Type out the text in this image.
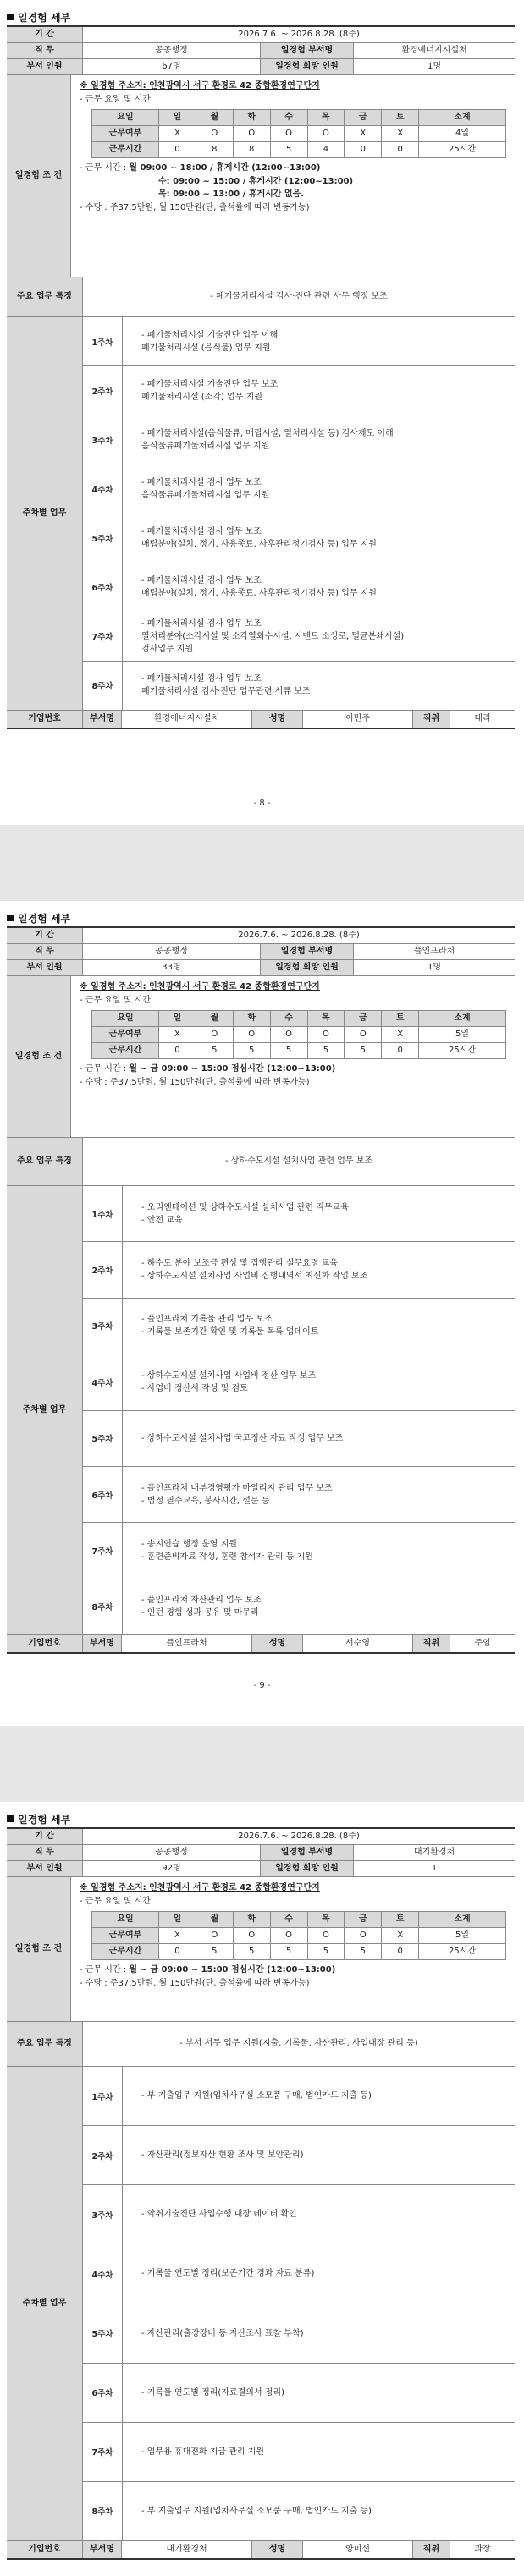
일경험 세부
기 간	2026.7.6. ~ 2026.8.28. (8주)
직 무	공공행정	일경험 부서명	환경에너지시설처
부서 인원	67명	일경험 희망 인원	1명
일경험 조 건
※ 일경험 주소지: 인천광역시 서구 환경로 42 종합환경연구단지
- 근무 요일 및 시간
요일	일	월	화	수	목	금	토	소계
근무여부	X	O	O	O	O	X	X	4일
근무시간	0	8	8	5	4	0	0	25시간
- 근무 시간 : 월 09:00 ~ 18:00 / 휴게시간 (12:00~13:00)
수: 09:00 ~ 15:00 / 휴게시간 (12:00~13:00)
목: 09:00 ~ 13:00 / 휴게시간 없음.
- 수당 : 주37.5만원, 월 150만원(단, 출석률에 따라 변동가능)
주요 업무 특징	- 폐기물처리시설 검사·진단 관련 사무 행정 보조
주차별 업무
1주차
- 폐기물처리시설 기술진단 업무 이해
폐기물처리시설 (음식물) 업무 지원
2주차
- 폐기물처리시설 기술진단 업무 보조
폐기물처리시설 (소각) 업무 지원
3주차
- 폐기물처리시설(음식물류, 매립시설, 열처리시설 등) 검사제도 이해
음식물류폐기물처리시설 업무 지원
4주차
- 폐기물처리시설 검사 업무 보조
음식물류폐기물처리시설 업무 지원
5주차
- 폐기물처리시설 검사 업무 보조
매립분야(설치, 정기, 사용종료, 사후관리정기검사 등) 업무 지원
6주차
- 폐기물처리시설 검사 업무 보조
매립분야(설치, 정기, 사용종료, 사후관리정기검사 등) 업무 지원
7주차
- 폐기물처리시설 검사 업무 보조
열처리분야(소각시설 및 소각열회수시설, 시멘트 소성로, 멀균분쇄시설)
검사업무 지원
8주차
- 폐기물처리시설 검사 업무 보조
폐기물처리시설 검사·진단 업무관련 서류 보조
기업번호	부서명	환경에너지시설처	성명	이민주	직위	대리
- 8 -
일경험 세부
기 간	2026.7.6. ~ 2026.8.28. (8주)
직 무	공공행정	일경험 부서명	플인프라처
부서 인원	33명	일경험 희망 인원	1명
일경험 조 건
※ 일경험 주소지: 인천광역시 서구 환경로 42 종합환경연구단지
- 근무 요일 및 시간
요일	일	월	화	수	목	금	토	소계
근무여부	X	O	O	O	O	O	X	5일
근무시간	0	5	5	5	5	5	0	25시간
- 근무 시간 : 월 ~ 금 09:00 ~ 15:00 점심시간 (12:00~13:00)
- 수당 : 주37.5만원, 월 150만원(단, 출석률에 따라 변동가능)
주요 업무 특징	- 상하수도시설 설치사업 관련 업무 보조
주차별 업무
1주차
- 오리엔테이션 및 상하수도시설 설치사업 관련 직무교육
- 안전 교육
2주차
- 하수도 분야 보조금 편성 및 집행관리 실무요령 교육
- 상하수도시설 설치사업 사업비 집행내역서 최신화 작업 보조
3주차
- 플인프라처 기록물 관리 업무 보조
- 기록물 보존기간 확인 및 기록물 목록 업데이트
4주차
- 상하수도시설 설치사업 사업비 정산 업무 보조
- 사업비 정산서 작성 및 검토
5주차	- 상하수도시설 설치사업 국고정산 자료 작성 업무 보조
6주차
- 플인프라처 내부경영평가 마일리지 관리 업무 보조
- 법정 필수교육, 봉사시간, 설문 등
7주차
- 송지연습 행정 운영 지원
- 훈련준비자료 작성, 훈련 참석자 관리 등 지원
8주차
- 플인프라처 자산관리 업무 보조
- 인턴 경험 성과 공유 및 마무리
기업번호	부서명	플인프라처	성명	서수영	직위	주임
- 9 -
일경험 세부
기 간	2026.7.6. ~ 2026.8.28. (8주)
직 무	공공행정	일경험 부서명	대기환경처
부서 인원	92명	일경험 희망 인원	1
일경험 조 건
※ 일경험 주소지: 인천광역시 서구 환경로 42 종합환경연구단지
- 근무 요일 및 시간
요일	일	월	화	수	목	금	토	소계
근무여부	X	O	O	O	O	O	X	5일
근무시간	0	5	5	5	5	5	0	25시간
- 근무 시간 : 월 ~ 금 09:00 ~ 15:00 점심시간 (12:00~13:00)
- 수당 : 주37.5만원, 월 150만원(단, 출석률에 따라 변동가능)
주요 업무 특징	- 부서 서무 업무 지원(지출, 기록물, 자산관리, 사업대장 관리 등)
주차별 업무
1주차	- 부 지출업무 지원(업차사무실 소모품 구매, 법인카드 지출 등)
2주차	- 자산관리(정보자산 현황 조사 및 보안관리)
3주차	- 악취기술진단 사업수행 대장 데이터 확인
4주차	- 기록물 연도별 정리(보존기간 경과 자료 분류)
5주차	- 자산관리(출장장비 등 자산조사 표찰 부착)
6주차	- 기록물 연도별 정리(자료결의서 정리)
7주차	- 업무용 휴대전화 지급 관리 지원
8주차	- 부 지출업무 지원(업차사무실 소모품 구매, 법인카드 지출 등)
기업번호	부서명	대기환경처	성명	양미선	직위	과장
